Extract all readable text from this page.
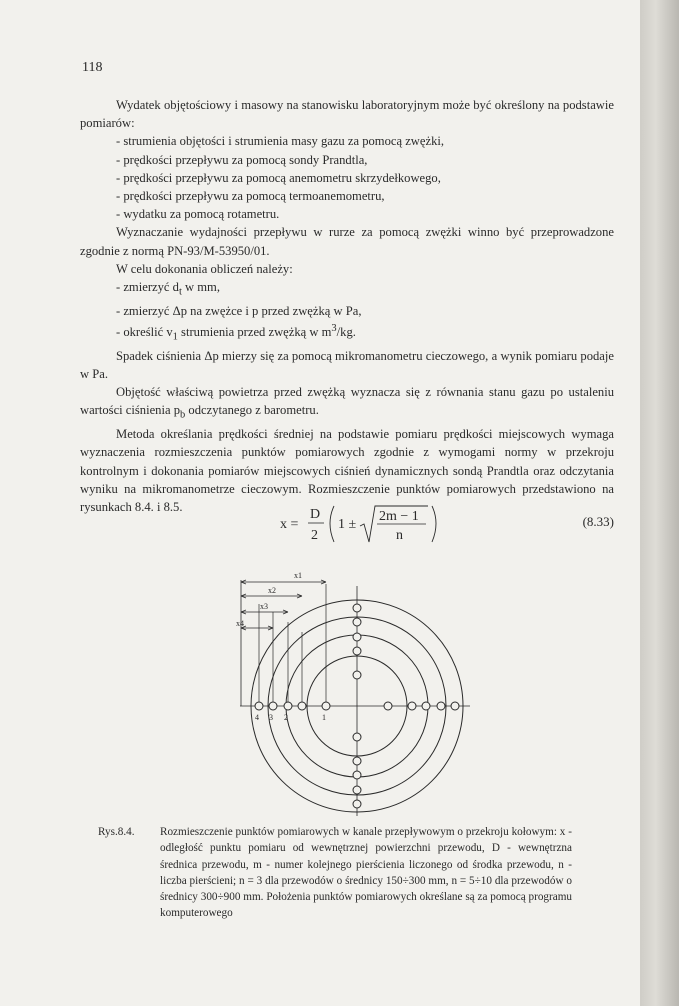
118

Wydatek objętościowy i masowy na stanowisku laboratoryjnym może być określony na podstawie pomiarów:

- strumienia objętości i strumienia masy gazu za pomocą zwężki,

- prędkości przepływu za pomocą sondy Prandtla,

- prędkości przepływu za pomocą anemometru skrzydełkowego,

- prędkości przepływu za pomocą termoanemometru,

- wydatku za pomocą rotametru.

Wyznaczanie wydajności przepływu w rurze za pomocą zwężki winno być przeprowadzone zgodnie z normą PN-93/M-53950/01.

W celu dokonania obliczeń należy:

- zmierzyć $d_t$ w mm,

- zmierzyć Δp na zwężce i p przed zwężką w Pa,

- określić $v_1$ strumienia przed zwężką w $m^3/kg$.

Spadek ciśnienia Δp mierzy się za pomocą mikromanometru cieczowego, a wynik pomiaru podaje w Pa.

Objętość właściwą powietrza przed zwężką wyznacza się z równania stanu gazu po ustaleniu wartości ciśnienia $p_b$ odczytanego z barometru.

Metoda określania prędkości średniej na podstawie pomiaru prędkości miejscowych wymaga wyznaczenia rozmieszczenia punktów pomiarowych zgodnie z wymogami normy w przekroju kontrolnym i dokonania pomiarów miejscowych ciśnień dynamicznych sondą Prandtla oraz odczytania wyniku na mikromanometrze cieczowym. Rozmieszczenie punktów pomiarowych przedstawiono na rysunkach 8.4. i 8.5.

x =
D
2
1 ±
2m − 1
n
(8.33)
x1
x2
x3
x4
4 3 2	1
Rys.8.4.	Rozmieszczenie punktów pomiarowych w kanale przepływowym o przekroju kołowym: x - odległość punktu pomiaru od wewnętrznej powierzchni przewodu, D - wewnętrzna średnica przewodu, m - numer kolejnego pierścienia liczonego od środka przewodu, n - liczba pierścieni; n = 3 dla przewodów o średnicy 150÷300 mm, n = 5÷10 dla przewodów o średnicy 300÷900 mm. Położenia punktów pomiarowych określane są za pomocą programu komputerowego
